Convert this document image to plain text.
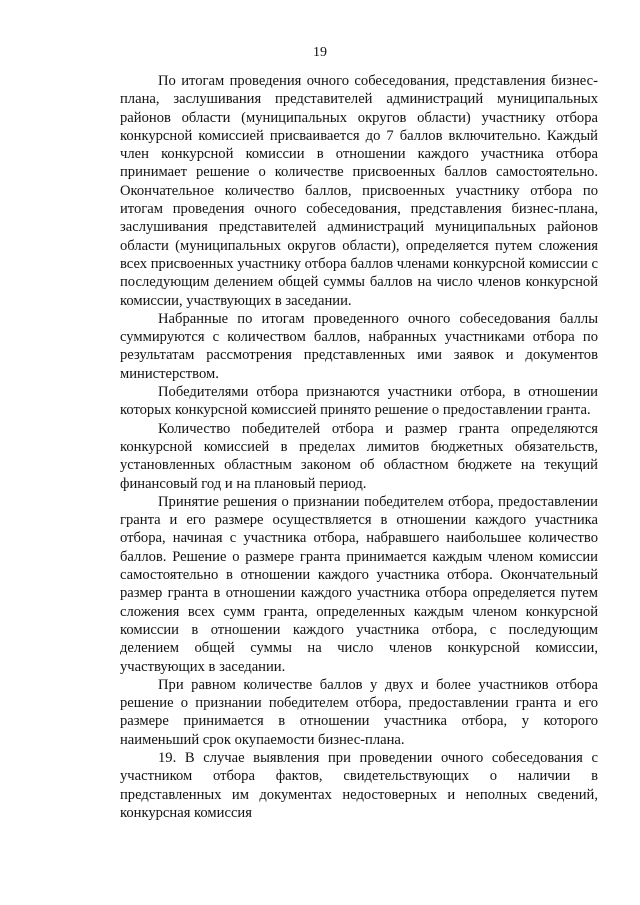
19

По итогам проведения очного собеседования, представления бизнес-плана, заслушивания представителей администраций муниципальных районов области (муниципальных округов области) участнику отбора конкурсной комиссией присваивается до 7 баллов включительно. Каждый член конкурсной комиссии в отношении каждого участника отбора принимает решение о количестве присвоенных баллов самостоятельно. Окончательное количество баллов, присвоенных участнику отбора по итогам проведения очного собеседования, представления бизнес-плана, заслушивания представителей администраций муниципальных районов области (муниципальных округов области), определяется путем сложения всех присвоенных участнику отбора баллов членами конкурсной комиссии с последующим делением общей суммы баллов на число членов конкурсной комиссии, участвующих в заседании.

Набранные по итогам проведенного очного собеседования баллы суммируются с количеством баллов, набранных участниками отбора по результатам рассмотрения представленных ими заявок и документов министерством.

Победителями отбора признаются участники отбора, в отношении которых конкурсной комиссией принято решение о предоставлении гранта.

Количество победителей отбора и размер гранта определяются конкурсной комиссией в пределах лимитов бюджетных обязательств, установленных областным законом об областном бюджете на текущий финансовый год и на плановый период.

Принятие решения о признании победителем отбора, предоставлении гранта и его размере осуществляется в отношении каждого участника отбора, начиная с участника отбора, набравшего наибольшее количество баллов. Решение о размере гранта принимается каждым членом комиссии самостоятельно в отношении каждого участника отбора. Окончательный размер гранта в отношении каждого участника отбора определяется путем сложения всех сумм гранта, определенных каждым членом конкурсной комиссии в отношении каждого участника отбора, с последующим делением общей суммы на число членов конкурсной комиссии, участвующих в заседании.

При равном количестве баллов у двух и более участников отбора решение о признании победителем отбора, предоставлении гранта и его размере принимается в отношении участника отбора, у которого наименьший срок окупаемости бизнес-плана.

19. В случае выявления при проведении очного собеседования с участником отбора фактов, свидетельствующих о наличии в представленных им документах недостоверных и неполных сведений, конкурсная комиссия
